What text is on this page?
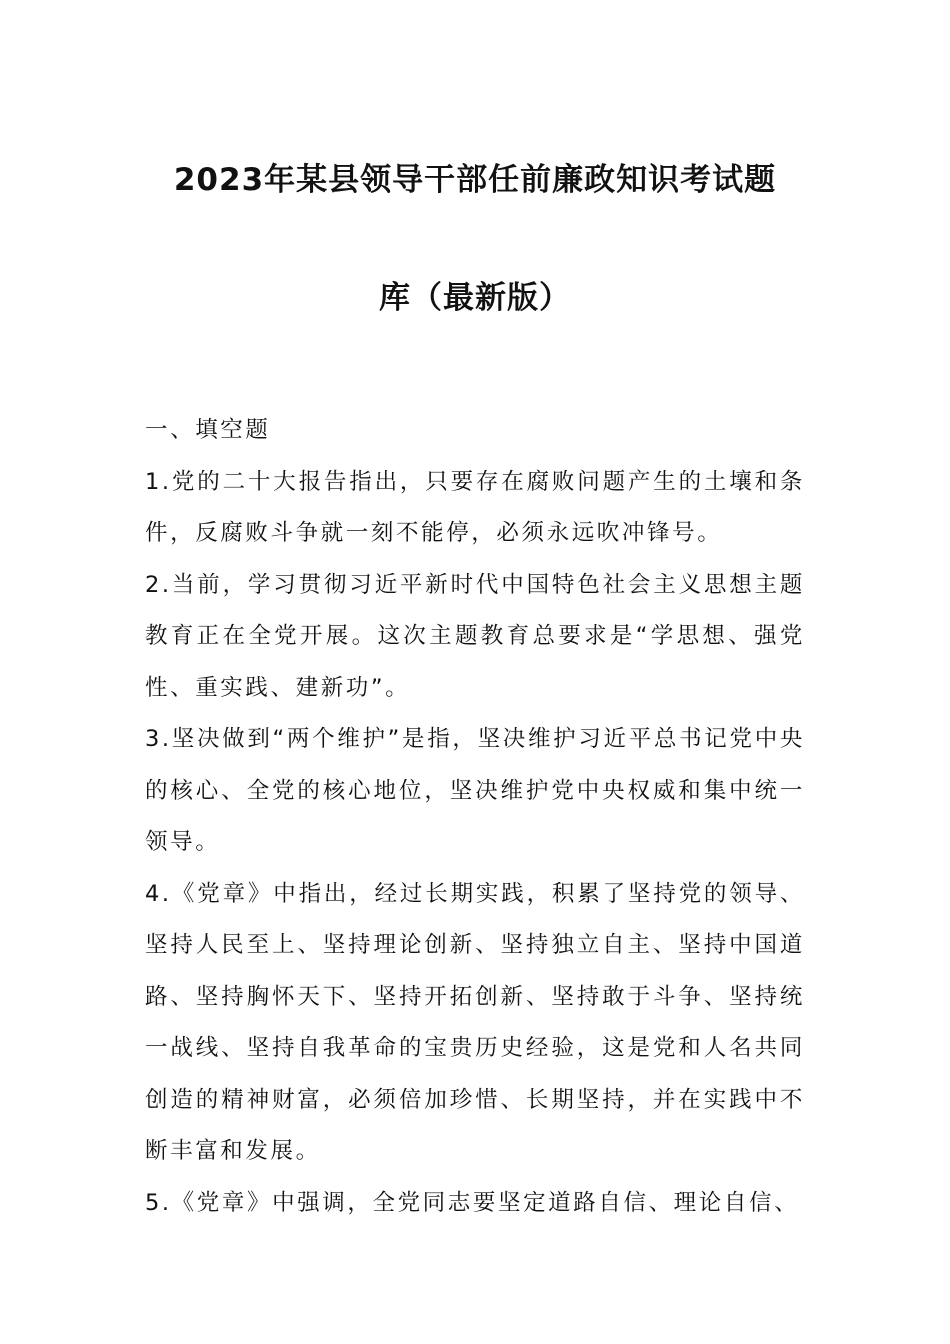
2023年某县领导干部任前廉政知识考试题
库（最新版）

一、填空题

1.党的二十大报告指出，只要存在腐败问题产生的土壤和条件，反腐败斗争就一刻不能停，必须永远吹冲锋号。

2.当前，学习贯彻习近平新时代中国特色社会主义思想主题教育正在全党开展。这次主题教育总要求是“学思想、强党性、重实践、建新功”。

3.坚决做到“两个维护”是指，坚决维护习近平总书记党中央的核心、全党的核心地位，坚决维护党中央权威和集中统一领导。

4.《党章》中指出，经过长期实践，积累了坚持党的领导、坚持人民至上、坚持理论创新、坚持独立自主、坚持中国道路、坚持胸怀天下、坚持开拓创新、坚持敢于斗争、坚持统一战线、坚持自我革命的宝贵历史经验，这是党和人名共同创造的精神财富，必须倍加珍惜、长期坚持，并在实践中不断丰富和发展。

5.《党章》中强调，全党同志要坚定道路自信、理论自信、
